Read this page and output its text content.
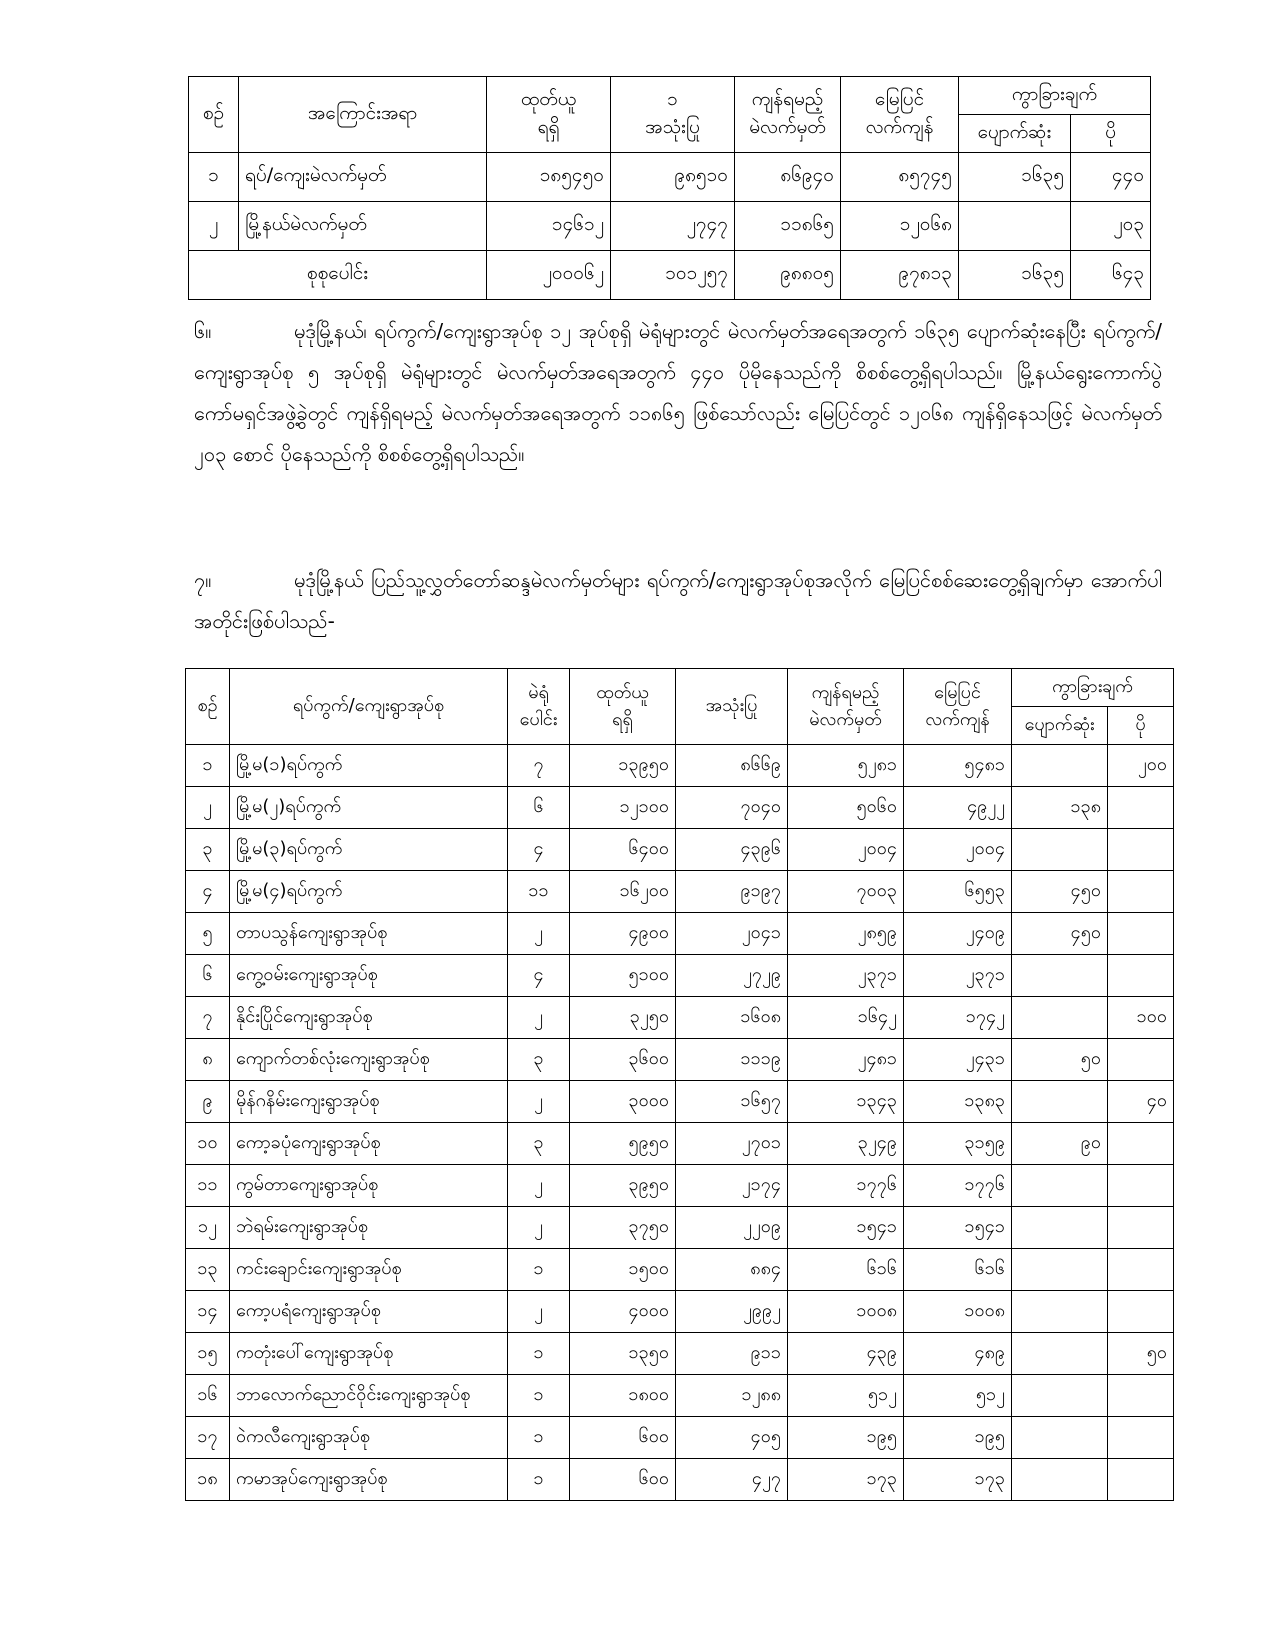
စဉ်	အကြောင်းအရာ	ထုတ်ယူ
ရရှိ	၁
အသုံးပြု	ကျန်ရမည့်
မဲလက်မှတ်	မြေပြင်
လက်ကျန်	ကွာခြားချက်	
						ပျောက်ဆုံး	ပို
၁	ရပ်/ကျေးမဲလက်မှတ်	၁၈၅၄၅၀	၉၈၅၁၀	၈၆၉၄၀	၈၅၇၄၅	၁၆၃၅	၄၄၀
၂	မြို့နယ်မဲလက်မှတ်	၁၄၆၁၂	၂၇၄၇	၁၁၈၆၅	၁၂၀၆၈		၂၀၃
စုစုပေါင်း		၂၀၀၀၆၂	၁၀၁၂၅၇	၉၈၈၀၅	၉၇၈၁၃	၁၆၃၅	၆၄၃

၆။	မုဒုံမြို့နယ်၊ ရပ်ကွက်/ကျေးရွာအုပ်စု ၁၂ အုပ်စုရှိ မဲရုံများတွင် မဲလက်မှတ်အရေအတွက် ၁၆၃၅ ပျောက်ဆုံးနေပြီး ရပ်ကွက်/ကျေးရွာအုပ်စု ၅ အုပ်စုရှိ မဲရုံများတွင် မဲလက်မှတ်အရေအတွက် ၄၄၀ ပိုမိုနေသည်ကို စိစစ်တွေ့ရှိရပါသည်။ မြို့နယ်ရွေးကောက်ပွဲကော်မရှင်အဖွဲ့ခွဲတွင် ကျန်ရှိရမည့် မဲလက်မှတ်အရေအတွက် ၁၁၈၆၅ ဖြစ်သော်လည်း မြေပြင်တွင် ၁၂၀၆၈ ကျန်ရှိနေသဖြင့် မဲလက်မှတ် ၂၀၃ စောင် ပိုနေသည်ကို စိစစ်တွေ့ရှိရပါသည်။

၇။	မုဒုံမြို့နယ် ပြည်သူ့လွှတ်တော်ဆန္ဒမဲလက်မှတ်များ ရပ်ကွက်/ကျေးရွာအုပ်စုအလိုက် မြေပြင်စစ်ဆေးတွေ့ရှိချက်မှာ အောက်ပါအတိုင်းဖြစ်ပါသည်-

စဉ်	ရပ်ကွက်/ကျေးရွာအုပ်စု	မဲရုံ
ပေါင်း	ထုတ်ယူ
ရရှိ	အသုံးပြု	ကျန်ရမည့်
မဲလက်မှတ်	မြေပြင်
လက်ကျန်	ကွာခြားချက်	
							ပျောက်ဆုံး	ပို
၁	မြို့မ(၁)ရပ်ကွက်	၇	၁၃၉၅၀	၈၆၆၉	၅၂၈၁	၅၄၈၁		၂၀၀
၂	မြို့မ(၂)ရပ်ကွက်	၆	၁၂၁၀၀	၇၀၄၀	၅၀၆၀	၄၉၂၂	၁၃၈	
၃	မြို့မ(၃)ရပ်ကွက်	၄	၆၄၀၀	၄၃၉၆	၂၀၀၄	၂၀၀၄		
၄	မြို့မ(၄)ရပ်ကွက်	၁၁	၁၆၂၀၀	၉၁၉၇	၇၀၀၃	၆၅၅၃	၄၅၀	
၅	တာပသွန်ကျေးရွာအုပ်စု	၂	၄၉၀၀	၂၀၄၁	၂၈၅၉	၂၄၀၉	၄၅၀	
၆	ကွေ့ဝမ်းကျေးရွာအုပ်စု	၄	၅၁၀၀	၂၇၂၉	၂၃၇၁	၂၃၇၁		
၇	နိုင်းပြိုင်ကျေးရွာအုပ်စု	၂	၃၂၅၀	၁၆၀၈	၁၆၄၂	၁၇၄၂		၁၀၀
၈	ကျောက်တစ်လုံးကျေးရွာအုပ်စု	၃	၃၆၀၀	၁၁၁၉	၂၄၈၁	၂၄၃၁	၅၀	
၉	မိုန်ဂနိမ်းကျေးရွာအုပ်စု	၂	၃၀၀၀	၁၆၅၇	၁၃၄၃	၁၃၈၃		၄၀
၁၀	ကော့ခပုံကျေးရွာအုပ်စု	၃	၅၉၅၀	၂၇၀၁	၃၂၄၉	၃၁၅၉	၉၀	
၁၁	ကွမ်တာကျေးရွာအုပ်စု	၂	၃၉၅၀	၂၁၇၄	၁၇၇၆	၁၇၇၆		
၁၂	ဘဲရမ်းကျေးရွာအုပ်စု	၂	၃၇၅၀	၂၂၀၉	၁၅၄၁	၁၅၄၁		
၁၃	ကင်းချောင်းကျေးရွာအုပ်စု	၁	၁၅၀၀	၈၈၄	၆၁၆	၆၁၆		
၁၄	ကော့ပရံကျေးရွာအုပ်စု	၂	၄၀၀၀	၂၉၉၂	၁၀၀၈	၁၀၀၈		
၁၅	ကတုံးပေါ်ကျေးရွာအုပ်စု	၁	၁၃၅၀	၉၁၁	၄၃၉	၄၈၉		၅၀
၁၆	ဘာလောက်ညောင်ဝိုင်းကျေးရွာအုပ်စု	၁	၁၈၀၀	၁၂၈၈	၅၁၂	၅၁၂		
၁၇	ဝဲကလီကျေးရွာအုပ်စု	၁	၆၀၀	၄၀၅	၁၉၅	၁၉၅		
၁၈	ကမာအုပ်ကျေးရွာအုပ်စု	၁	၆၀၀	၄၂၇	၁၇၃	၁၇၃		
